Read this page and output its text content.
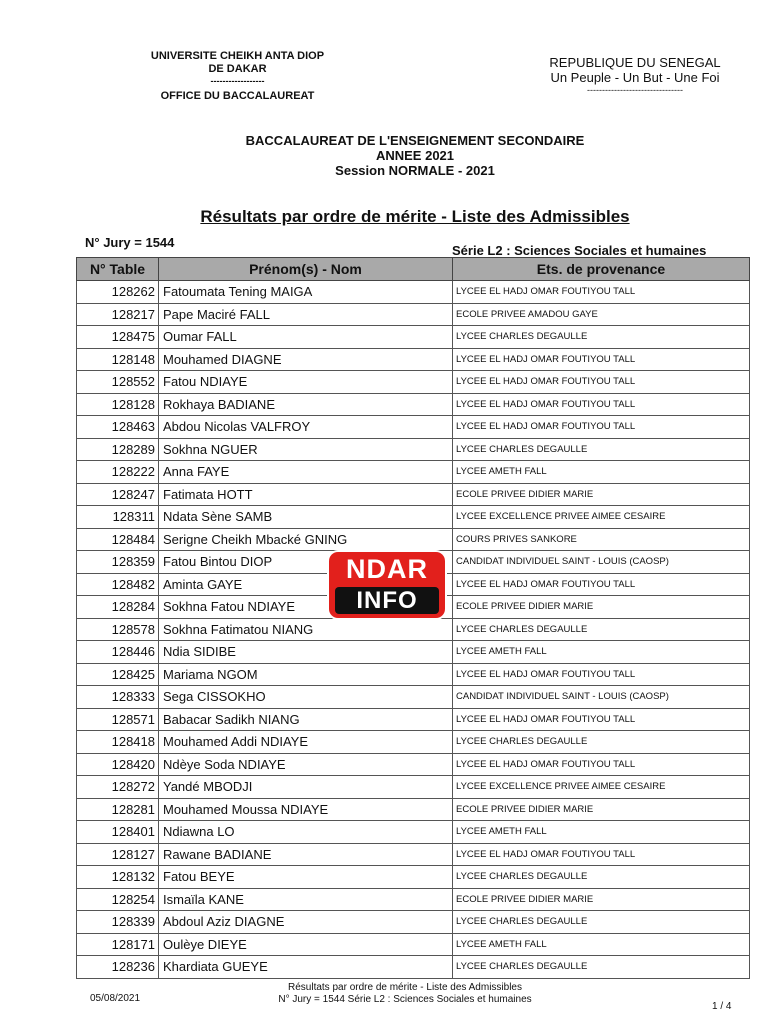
UNIVERSITE CHEIKH ANTA DIOP
DE DAKAR
------------------
OFFICE DU BACCALAUREAT
REPUBLIQUE DU SENEGAL
Un Peuple - Un But - Une Foi
--------------------------------
BACCALAUREAT DE L'ENSEIGNEMENT SECONDAIRE
ANNEE 2021
Session NORMALE - 2021
Résultats par ordre de mérite - Liste des Admissibles
N° Jury = 1544
Série L2 : Sciences Sociales et humaines
N° Table	Prénom(s) - Nom	Ets. de provenance
128262	Fatoumata Tening MAIGA	LYCEE EL HADJ OMAR FOUTIYOU TALL
128217	Pape Maciré FALL	ECOLE PRIVEE AMADOU GAYE
128475	Oumar FALL	LYCEE CHARLES DEGAULLE
128148	Mouhamed DIAGNE	LYCEE EL HADJ OMAR FOUTIYOU TALL
128552	Fatou NDIAYE	LYCEE EL HADJ OMAR FOUTIYOU TALL
128128	Rokhaya BADIANE	LYCEE EL HADJ OMAR FOUTIYOU TALL
128463	Abdou Nicolas VALFROY	LYCEE EL HADJ OMAR FOUTIYOU TALL
128289	Sokhna NGUER	LYCEE CHARLES DEGAULLE
128222	Anna FAYE	LYCEE AMETH FALL
128247	Fatimata HOTT	ECOLE PRIVEE DIDIER MARIE
128311	Ndata Sène SAMB	LYCEE EXCELLENCE PRIVEE AIMEE CESAIRE
128484	Serigne Cheikh Mbacké GNING	COURS PRIVES SANKORE
128359	Fatou Bintou DIOP	CANDIDAT INDIVIDUEL SAINT - LOUIS (CAOSP)
128482	Aminta GAYE	LYCEE EL HADJ OMAR FOUTIYOU TALL
128284	Sokhna Fatou NDIAYE	ECOLE PRIVEE DIDIER MARIE
128578	Sokhna Fatimatou NIANG	LYCEE CHARLES DEGAULLE
128446	Ndia SIDIBE	LYCEE AMETH FALL
128425	Mariama NGOM	LYCEE EL HADJ OMAR FOUTIYOU TALL
128333	Sega CISSOKHO	CANDIDAT INDIVIDUEL SAINT - LOUIS (CAOSP)
128571	Babacar Sadikh NIANG	LYCEE EL HADJ OMAR FOUTIYOU TALL
128418	Mouhamed Addi NDIAYE	LYCEE CHARLES DEGAULLE
128420	Ndèye Soda NDIAYE	LYCEE EL HADJ OMAR FOUTIYOU TALL
128272	Yandé MBODJI	LYCEE EXCELLENCE PRIVEE AIMEE CESAIRE
128281	Mouhamed Moussa NDIAYE	ECOLE PRIVEE DIDIER MARIE
128401	Ndiawna LO	LYCEE AMETH FALL
128127	Rawane BADIANE	LYCEE EL HADJ OMAR FOUTIYOU TALL
128132	Fatou BEYE	LYCEE CHARLES DEGAULLE
128254	Ismaïla KANE	ECOLE PRIVEE DIDIER MARIE
128339	Abdoul Aziz DIAGNE	LYCEE CHARLES DEGAULLE
128171	Oulèye DIEYE	LYCEE AMETH FALL
128236	Khardiata GUEYE	LYCEE CHARLES DEGAULLE
NDAR
INFO
05/08/2021
Résultats par ordre de mérite - Liste des Admissibles
N° Jury = 1544 Série L2 : Sciences Sociales et humaines
1 / 4
